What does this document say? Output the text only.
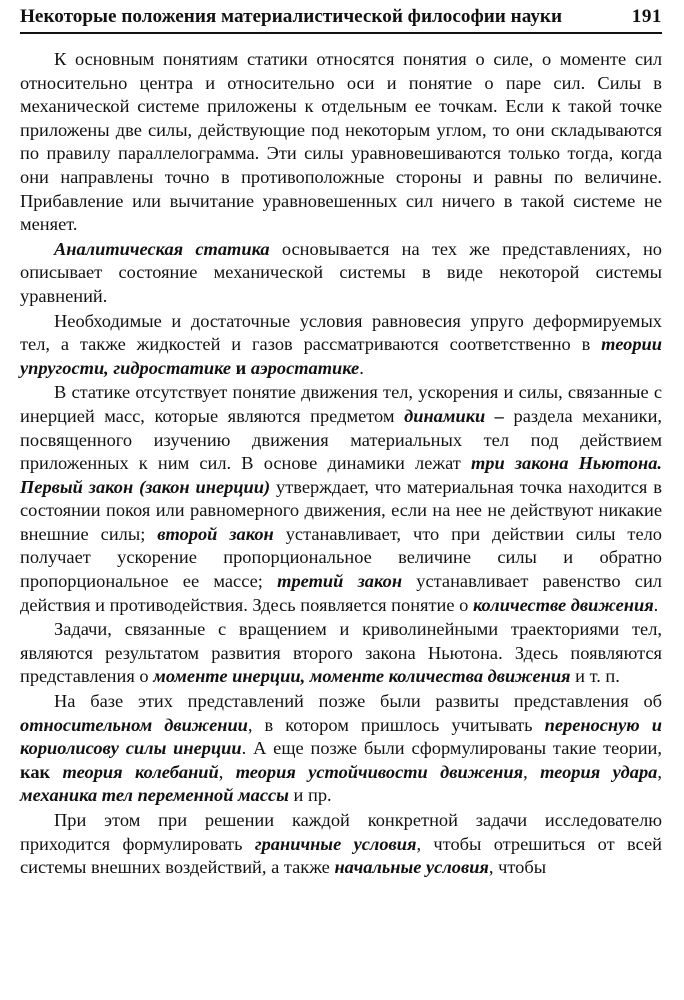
Некоторые положения материалистической философии науки	191

К основным понятиям статики относятся понятия о силе, о моменте сил относительно центра и относительно оси и понятие о паре сил. Силы в механической системе приложены к отдельным ее точкам. Если к такой точке приложены две силы, действующие под некоторым углом, то они складываются по правилу параллелограмма. Эти силы уравновешиваются только тогда, когда они направлены точно в противоположные стороны и равны по величине. Прибавление или вычитание уравновешенных сил ничего в такой системе не меняет.

Аналитическая статика основывается на тех же представлениях, но описывает состояние механической системы в виде некоторой системы уравнений.

Необходимые и достаточные условия равновесия упруго деформируемых тел, а также жидкостей и газов рассматриваются соответственно в теории упругости, гидростатике и аэростатике.

В статике отсутствует понятие движения тел, ускорения и силы, связанные с инерцией масс, которые являются предметом динамики – раздела механики, посвященного изучению движения материальных тел под действием приложенных к ним сил. В основе динамики лежат три закона Ньютона. Первый закон (закон инерции) утверждает, что материальная точка находится в состоянии покоя или равномерного движения, если на нее не действуют никакие внешние силы; второй закон устанавливает, что при действии силы тело получает ускорение пропорциональное величине силы и обратно пропорциональное ее массе; третий закон устанавливает равенство сил действия и противодействия. Здесь появляется понятие о количестве движения.

Задачи, связанные с вращением и криволинейными траекториями тел, являются результатом развития второго закона Ньютона. Здесь появляются представления о моменте инерции, моменте количества движения и т. п.

На базе этих представлений позже были развиты представления об относительном движении, в котором пришлось учитывать переносную и кориолисову силы инерции. А еще позже были сформулированы такие теории, как теория колебаний, теория устойчивости движения, теория удара, механика тел переменной массы и пр.

При этом при решении каждой конкретной задачи исследователю приходится формулировать граничные условия, чтобы отрешиться от всей системы внешних воздействий, а также начальные условия, чтобы
